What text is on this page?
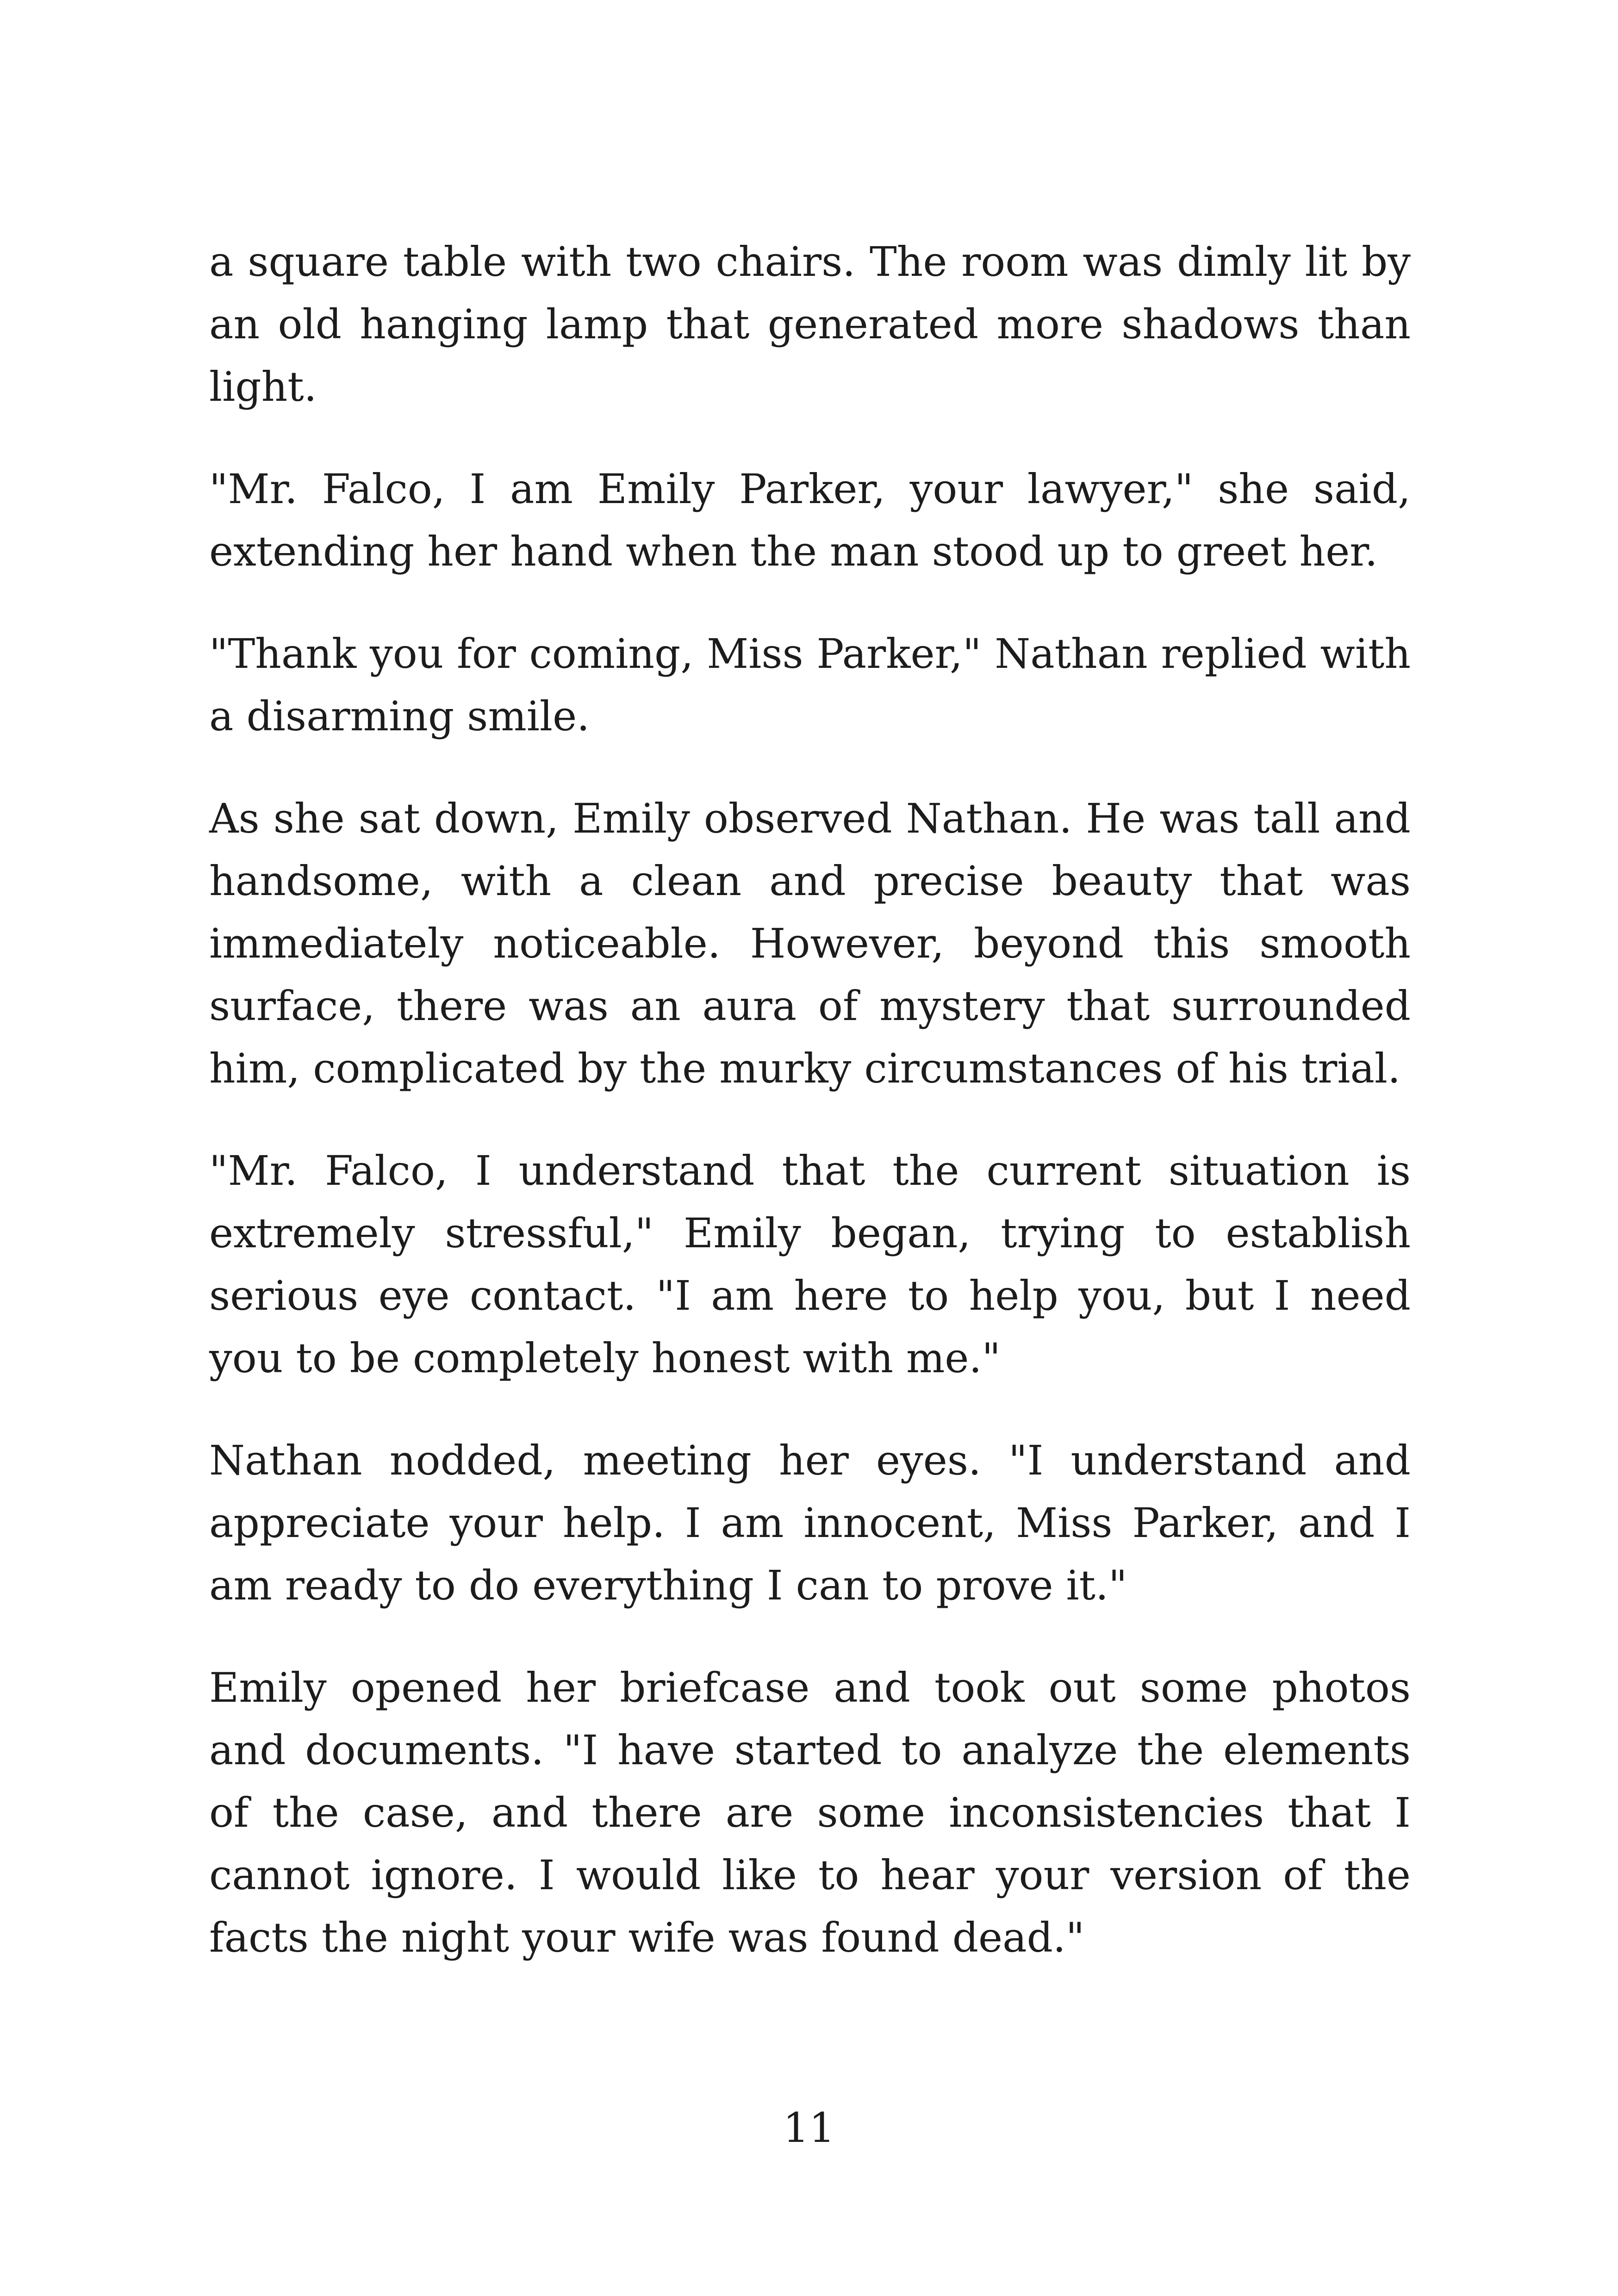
a square table with two chairs. The room was dimly lit by an old hanging lamp that generated more shadows than light.

"Mr. Falco, I am Emily Parker, your lawyer," she said, extending her hand when the man stood up to greet her.

"Thank you for coming, Miss Parker," Nathan replied with a disarming smile.

As she sat down, Emily observed Nathan. He was tall and handsome, with a clean and precise beauty that was immediately noticeable. However, beyond this smooth surface, there was an aura of mystery that surrounded him, complicated by the murky circumstances of his trial.

"Mr. Falco, I understand that the current situation is extremely stressful," Emily began, trying to establish serious eye contact. "I am here to help you, but I need you to be completely honest with me."

Nathan nodded, meeting her eyes. "I understand and appreciate your help. I am innocent, Miss Parker, and I am ready to do everything I can to prove it."

Emily opened her briefcase and took out some photos and documents. "I have started to analyze the elements of the case, and there are some inconsistencies that I cannot ignore. I would like to hear your version of the facts the night your wife was found dead."

11
